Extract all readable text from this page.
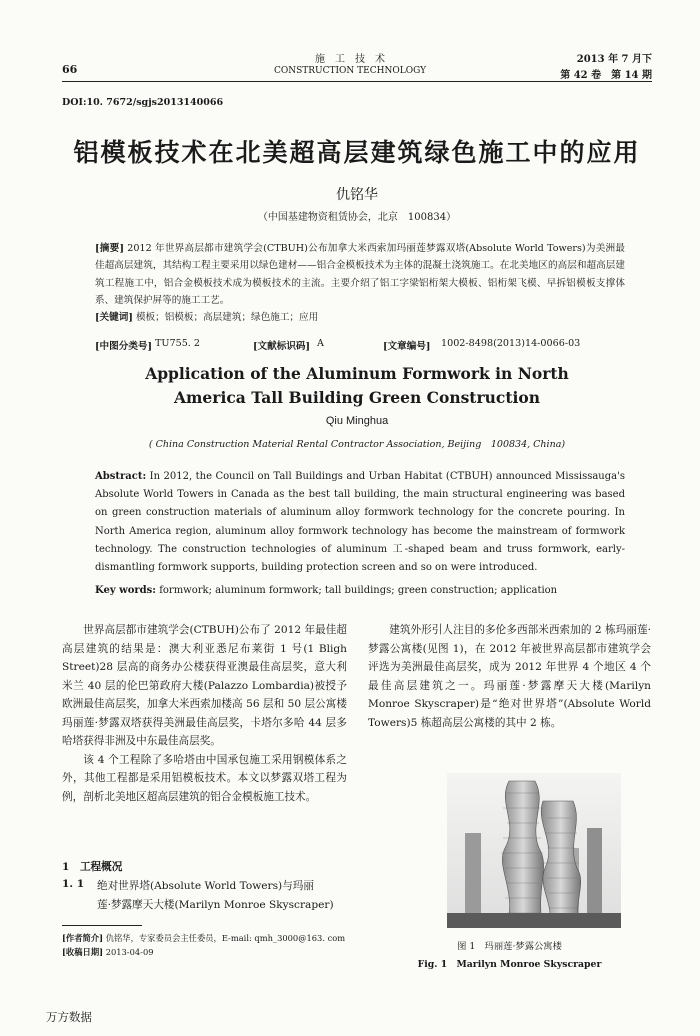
66
施　工　技　术
CONSTRUCTION TECHNOLOGY
2013 年 7 月下
第 42 卷　第 14 期
DOI:10. 7672/sgjs2013140066
铝模板技术在北美超高层建筑绿色施工中的应用
仇铭华
（中国基建物资租赁协会，北京　100834）
[摘要] 2012 年世界高层都市建筑学会(CTBUH)公布加拿大米西索加玛丽莲梦露双塔(Absolute World Towers)为美洲最佳超高层建筑，其结构工程主要采用以绿色建材——铝合金模板技术为主体的混凝土浇筑施工。在北美地区的高层和超高层建筑工程施工中，铝合金模板技术成为模板技术的主流。主要介绍了铝工字梁铝桁架大模板、铝桁架飞模、早拆铝模板支撑体系、建筑保护屏等的施工工艺。
[关键词] 模板；铝模板；高层建筑；绿色施工；应用
[中图分类号] TU755. 2	[文献标识码] A	[文章编号] 1002-8498(2013)14-0066-03
Application of the Aluminum Formwork in North
America Tall Building Green Construction
Qiu Minghua
( China Construction Material Rental Contractor Association, Beijing　100834, China)
Abstract: In 2012, the Council on Tall Buildings and Urban Habitat (CTBUH) announced Mississauga's Absolute World Towers in Canada as the best tall building, the main structural engineering was based on green construction materials of aluminum alloy formwork technology for the concrete pouring. In North America region, aluminum alloy formwork technology has become the mainstream of formwork technology. The construction technologies of aluminum 工-shaped beam and truss formwork, early-dismantling formwork supports, building protection screen and so on were introduced.
Key words: formwork; aluminum formwork; tall buildings; green construction; application

世界高层都市建筑学会(CTBUH)公布了 2012 年最佳超高层建筑的结果是：澳大利亚悉尼布莱街 1 号(1 Bligh Street)28 层高的商务办公楼获得亚澳最佳高层奖，意大利米兰 40 层的伦巴第政府大楼(Palazzo Lombardia)被授予欧洲最佳高层奖，加拿大米西索加楼高 56 层和 50 层公寓楼玛丽莲·梦露双塔获得美洲最佳高层奖，卡塔尔多哈 44 层多哈塔获得非洲及中东最佳高层奖。

该 4 个工程除了多哈塔由中国承包施工采用钢模体系之外，其他工程都是采用铝模板技术。本文以梦露双塔工程为例，剖析北美地区超高层建筑的铝合金模板施工技术。

1　工程概况
1. 1 绝对世界塔(Absolute World Towers)与玛丽
莲·梦露摩天大楼(Marilyn Monroe Skyscraper)
[作者简介] 仇铭华，专家委员会主任委员，E-mail: qmh_3000@163. com
[收稿日期] 2013-04-09

建筑外形引人注目的多伦多西部米西索加的 2 栋玛丽莲·梦露公寓楼(见图 1)，在 2012 年被世界高层都市建筑学会评选为美洲最佳高层奖，成为 2012 年世界 4 个地区 4 个最佳高层建筑之一。玛丽莲·梦露摩天大楼(Marilyn Monroe Skyscraper)是“绝对世界塔”(Absolute World Towers)5 栋超高层公寓楼的其中 2 栋。

图 1　玛丽莲·梦露公寓楼
Fig. 1　Marilyn Monroe Skyscraper
万方数据
